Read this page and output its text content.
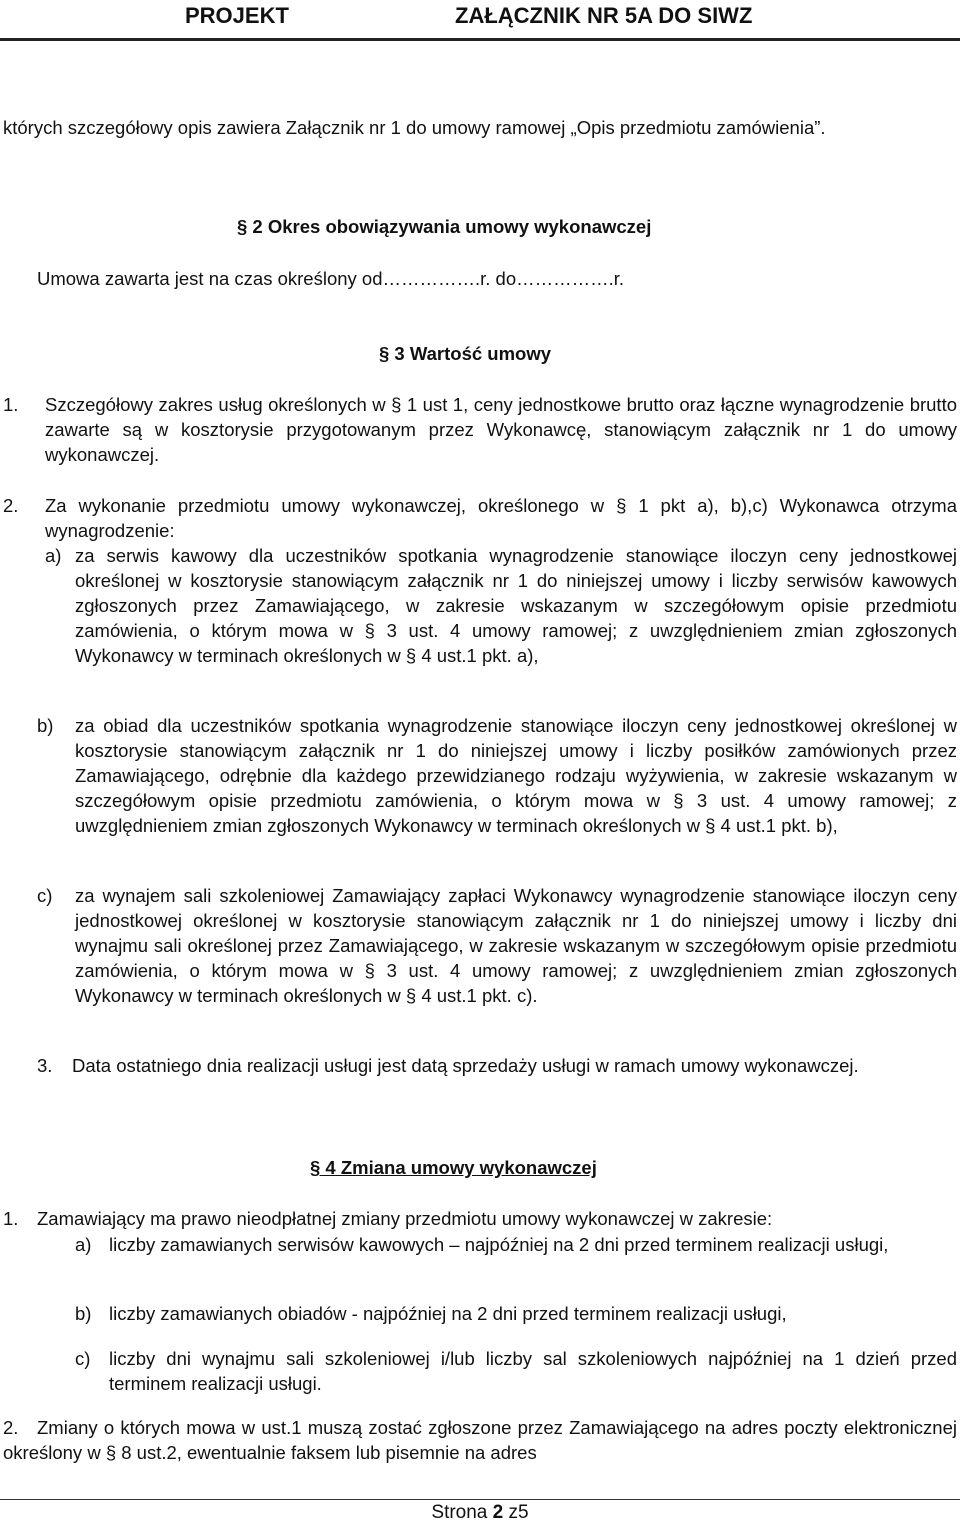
PROJEKT	ZAŁĄCZNIK NR 5A DO SIWZ
których szczegółowy opis zawiera Załącznik nr 1 do umowy ramowej „Opis przedmiotu zamówienia”.
§ 2 Okres obowiązywania umowy wykonawczej
Umowa zawarta jest na czas określony od…………….r. do…………….r.
§ 3 Wartość umowy
1. Szczegółowy zakres usług określonych w § 1 ust 1, ceny jednostkowe brutto oraz łączne wynagrodzenie brutto zawarte są w kosztorysie przygotowanym przez Wykonawcę, stanowiącym załącznik nr 1 do umowy wykonawczej.
2. Za wykonanie przedmiotu umowy wykonawczej, określonego w § 1 pkt a), b),c) Wykonawca otrzyma wynagrodzenie:
a) za serwis kawowy dla uczestników spotkania wynagrodzenie stanowiące iloczyn ceny jednostkowej określonej w kosztorysie stanowiącym załącznik nr 1 do niniejszej umowy i liczby serwisów kawowych zgłoszonych przez Zamawiającego, w zakresie wskazanym w szczegółowym opisie przedmiotu zamówienia, o którym mowa w § 3 ust. 4 umowy ramowej; z uwzględnieniem zmian zgłoszonych Wykonawcy w terminach określonych w § 4 ust.1 pkt. a),
b) za obiad dla uczestników spotkania wynagrodzenie stanowiące iloczyn ceny jednostkowej określonej w kosztorysie stanowiącym załącznik nr 1 do niniejszej umowy i liczby posiłków zamówionych przez Zamawiającego, odrębnie dla każdego przewidzianego rodzaju wyżywienia, w zakresie wskazanym w szczegółowym opisie przedmiotu zamówienia, o którym mowa w § 3 ust. 4 umowy ramowej; z uwzględnieniem zmian zgłoszonych Wykonawcy w terminach określonych w § 4 ust.1 pkt. b),
c) za wynajem sali szkoleniowej Zamawiający zapłaci Wykonawcy wynagrodzenie stanowiące iloczyn ceny jednostkowej określonej w kosztorysie stanowiącym załącznik nr 1 do niniejszej umowy i liczby dni wynajmu sali określonej przez Zamawiającego, w zakresie wskazanym w szczegółowym opisie przedmiotu zamówienia, o którym mowa w § 3 ust. 4 umowy ramowej; z uwzględnieniem zmian zgłoszonych Wykonawcy w terminach określonych w § 4 ust.1 pkt. c).
3.	Data ostatniego dnia realizacji usługi jest datą sprzedaży usługi w ramach umowy wykonawczej.
§ 4 Zmiana umowy wykonawczej
1. Zamawiający ma prawo nieodpłatnej zmiany przedmiotu umowy wykonawczej w zakresie:
a) liczby zamawianych serwisów kawowych – najpóźniej na 2 dni przed terminem realizacji usługi,
b) liczby zamawianych obiadów - najpóźniej na 2 dni przed terminem realizacji usługi,
c) liczby dni wynajmu sali szkoleniowej i/lub liczby sal szkoleniowych najpóźniej na 1 dzień przed terminem realizacji usługi.
2.	Zmiany o których mowa w ust.1 muszą zostać zgłoszone przez Zamawiającego na adres poczty elektronicznej określony w § 8 ust.2, ewentualnie faksem lub pisemnie na adres
Strona 2 z5
